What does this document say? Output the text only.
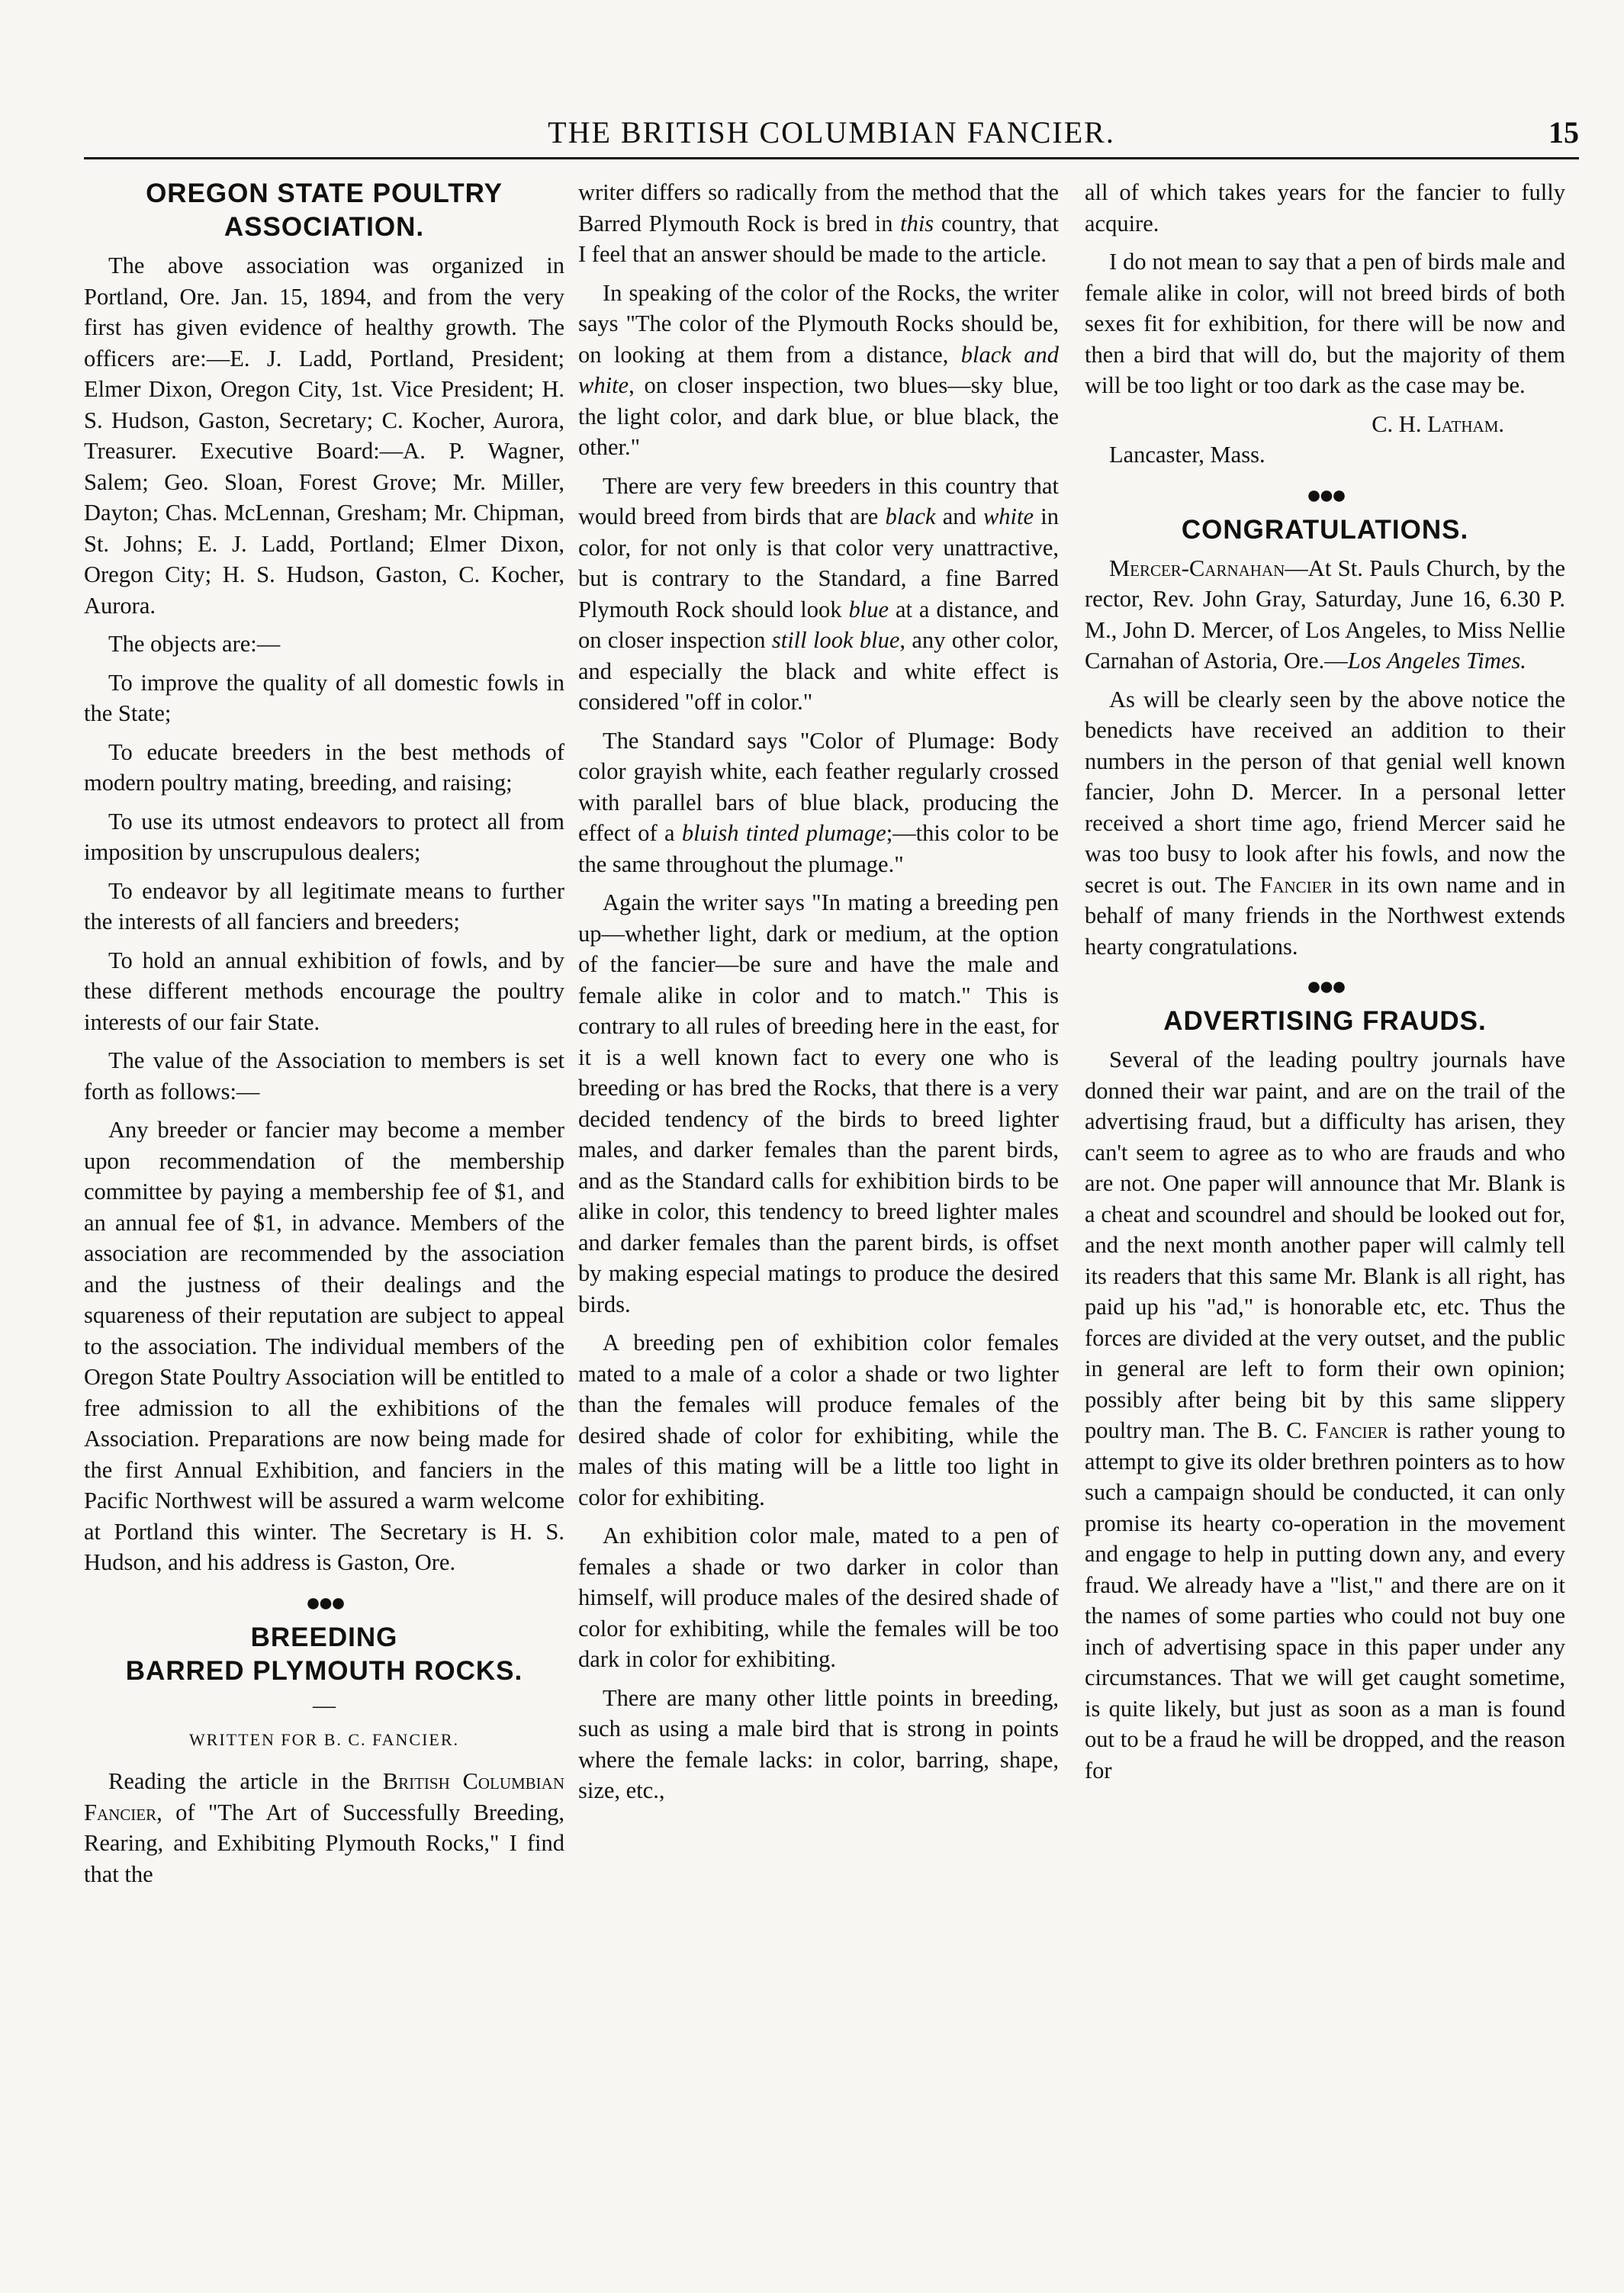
THE BRITISH COLUMBIAN FANCIER.	15
OREGON STATE POULTRY
ASSOCIATION.

The above association was organized in Portland, Ore. Jan. 15, 1894, and from the very first has given evidence of healthy growth. The officers are:—E. J. Ladd, Portland, President; Elmer Dixon, Oregon City, 1st. Vice President; H. S. Hudson, Gaston, Secretary; C. Kocher, Aurora, Treasurer. Executive Board:—A. P. Wagner, Salem; Geo. Sloan, Forest Grove; Mr. Miller, Dayton; Chas. McLennan, Gresham; Mr. Chipman, St. Johns; E. J. Ladd, Portland; Elmer Dixon, Oregon City; H. S. Hudson, Gaston, C. Kocher, Aurora.

The objects are:—

To improve the quality of all domestic fowls in the State;

To educate breeders in the best methods of modern poultry mating, breeding, and raising;

To use its utmost endeavors to protect all from imposition by unscrupulous dealers;

To endeavor by all legitimate means to further the interests of all fanciers and breeders;

To hold an annual exhibition of fowls, and by these different methods encourage the poultry interests of our fair State.

The value of the Association to members is set forth as follows:—

Any breeder or fancier may become a member upon recommendation of the membership committee by paying a membership fee of $1, and an annual fee of $1, in advance. Members of the association are recommended by the association and the justness of their dealings and the squareness of their reputation are subject to appeal to the association. The individual members of the Oregon State Poultry Association will be entitled to free admission to all the exhibitions of the Association. Preparations are now being made for the first Annual Exhibition, and fanciers in the Pacific Northwest will be assured a warm welcome at Portland this winter. The Secretary is H. S. Hudson, and his address is Gaston, Ore.

●●●
BREEDING
BARRED PLYMOUTH ROCKS.
—
WRITTEN FOR B. C. FANCIER.

Reading the article in the British Columbian Fancier, of "The Art of Successfully Breeding, Rearing, and Exhibiting Plymouth Rocks," I find that the

writer differs so radically from the method that the Barred Plymouth Rock is bred in this country, that I feel that an answer should be made to the article.

In speaking of the color of the Rocks, the writer says "The color of the Plymouth Rocks should be, on looking at them from a distance, black and white, on closer inspection, two blues—sky blue, the light color, and dark blue, or blue black, the other."

There are very few breeders in this country that would breed from birds that are black and white in color, for not only is that color very unattractive, but is contrary to the Standard, a fine Barred Plymouth Rock should look blue at a distance, and on closer inspection still look blue, any other color, and especially the black and white effect is considered "off in color."

The Standard says "Color of Plumage: Body color grayish white, each feather regularly crossed with parallel bars of blue black, producing the effect of a bluish tinted plumage;—this color to be the same throughout the plumage."

Again the writer says "In mating a breeding pen up—whether light, dark or medium, at the option of the fancier—be sure and have the male and female alike in color and to match." This is contrary to all rules of breeding here in the east, for it is a well known fact to every one who is breeding or has bred the Rocks, that there is a very decided tendency of the birds to breed lighter males, and darker females than the parent birds, and as the Standard calls for exhibition birds to be alike in color, this tendency to breed lighter males and darker females than the parent birds, is offset by making especial matings to produce the desired birds.

A breeding pen of exhibition color females mated to a male of a color a shade or two lighter than the females will produce females of the desired shade of color for exhibiting, while the males of this mating will be a little too light in color for exhibiting.

An exhibition color male, mated to a pen of females a shade or two darker in color than himself, will produce males of the desired shade of color for exhibiting, while the females will be too dark in color for exhibiting.

There are many other little points in breeding, such as using a male bird that is strong in points where the female lacks: in color, barring, shape, size, etc.,

all of which takes years for the fancier to fully acquire.

I do not mean to say that a pen of birds male and female alike in color, will not breed birds of both sexes fit for exhibition, for there will be now and then a bird that will do, but the majority of them will be too light or too dark as the case may be.

C. H. Latham.

Lancaster, Mass.

●●●
CONGRATULATIONS.

Mercer-Carnahan—At St. Pauls Church, by the rector, Rev. John Gray, Saturday, June 16, 6.30 P. M., John D. Mercer, of Los Angeles, to Miss Nellie Carnahan of Astoria, Ore.—Los Angeles Times.

As will be clearly seen by the above notice the benedicts have received an addition to their numbers in the person of that genial well known fancier, John D. Mercer. In a personal letter received a short time ago, friend Mercer said he was too busy to look after his fowls, and now the secret is out. The Fancier in its own name and in behalf of many friends in the Northwest extends hearty congratulations.

●●●
ADVERTISING FRAUDS.

Several of the leading poultry journals have donned their war paint, and are on the trail of the advertising fraud, but a difficulty has arisen, they can't seem to agree as to who are frauds and who are not. One paper will announce that Mr. Blank is a cheat and scoundrel and should be looked out for, and the next month another paper will calmly tell its readers that this same Mr. Blank is all right, has paid up his "ad," is honorable etc, etc. Thus the forces are divided at the very outset, and the public in general are left to form their own opinion; possibly after being bit by this same slippery poultry man. The B. C. Fancier is rather young to attempt to give its older brethren pointers as to how such a campaign should be conducted, it can only promise its hearty co-operation in the movement and engage to help in putting down any, and every fraud. We already have a "list," and there are on it the names of some parties who could not buy one inch of advertising space in this paper under any circumstances. That we will get caught sometime, is quite likely, but just as soon as a man is found out to be a fraud he will be dropped, and the reason for
